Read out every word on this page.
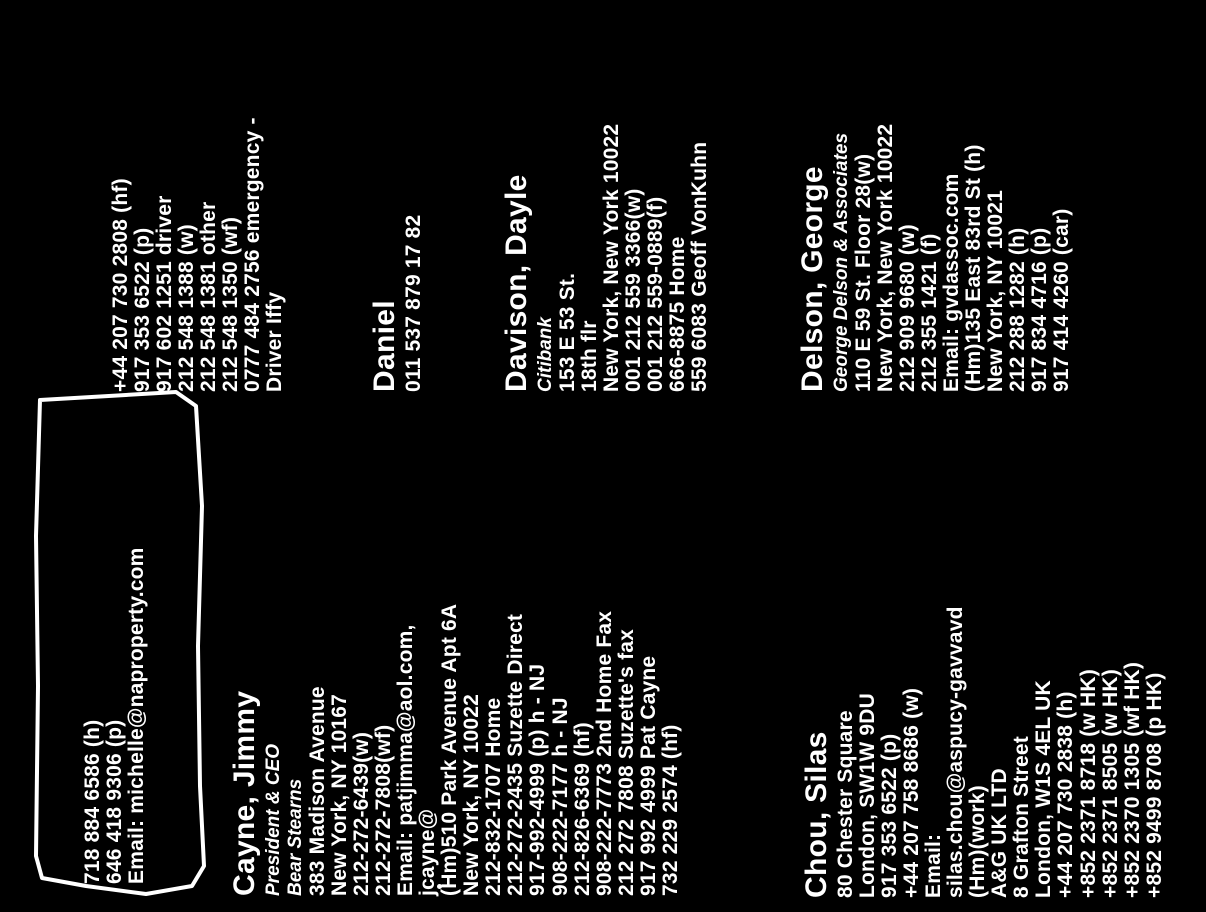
718 884 6586 (h) 646 418 9306 (p) Email: michelle@naproperty.com	Cayne, Jimmy President & CEO Bear Stearns 383 Madison Avenue New York, NY 10167 212-272-6439(w) 212-272-7808(wf) Email: patjimma@aol.com, jcayne@ (Hm)510 Park Avenue Apt 6A New York, NY 10022 212-832-1707 Home 212-272-2435 Suzette Direct 917-992-4999 (p) h - NJ 908-222-7177 h - NJ 212-826-6369 (hf) 908-222-7773 2nd Home Fax 212 272 7808 Suzette's fax 917 992 4999 Pat Cayne 732 229 2574 (hf)	Chou, Silas 80 Chester Square London, SW1W 9DU 917 353 6522 (p) +44 207 758 8686 (w) Email: silas.chou@aspucy-gavvavd (Hm)(work) A&G UK LTD 8 Grafton Street London, W1S 4EL UK +44 207 730 2838 (h) +852 2371 8718 (w HK) +852 2371 8505 (w HK) +852 2370 1305 (wf HK) +852 9499 8708 (p HK)
+44 207 730 2808 (hf) 917 353 6522 (p) 917 602 1251 driver 212 548 1388 (w) 212 548 1381 other 212 548 1350 (wf) 0777 484 2756 emergency - Driver Iffy	Daniel 011 537 879 17 82	Davison, Dayle Citibank 153 E 53 St. 18th flr New York, New York 10022 001 212 559 3366(w) 001 212 559-0889(f) 666-8875 Home 559 6083 Geoff VonKuhn	Delson, George George Delson & Associates 110 E 59 St. Floor 28(w) New York, New York 10022 212 909 9680 (w) 212 355 1421 (f) Email: gvdassoc.com (Hm)135 East 83rd St (h) New York, NY 10021 212 288 1282 (h) 917 834 4716 (p) 917 414 4260 (car)
